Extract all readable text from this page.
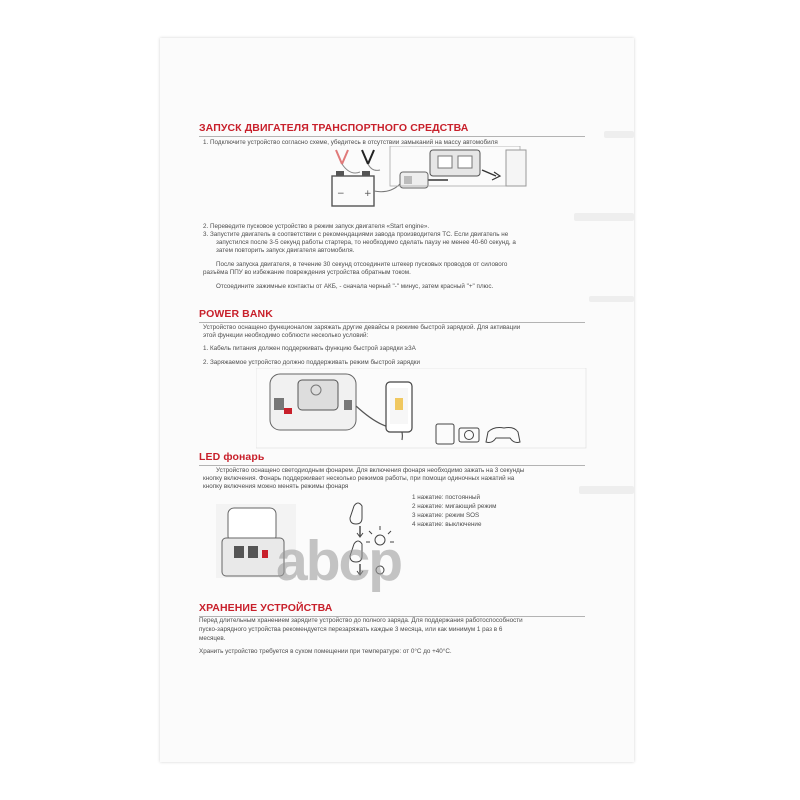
ЗАПУСК ДВИГАТЕЛЯ ТРАНСПОРТНОГО СРЕДСТВА
1. Подключите устройство согласно схеме, убедитесь в отсутствии замыканий на массу автомобиля
− +
2. Переведите пусковое устройство в режим запуск двигателя «Start engine».
3. Запустите двигатель в соответствии с рекомендациями завода производителя ТС. Если двигатель не
запустился после 3-5 секунд работы стартера, то необходимо сделать паузу не менее 40-60 секунд, а
затем повторить запуск двигателя автомобиля.
После запуска двигателя, в течение 30 секунд отсоедините штекер пусковых проводов от силового
разъёма ППУ во избежание повреждения устройства обратным током.
Отсоедините зажимные контакты от АКБ, - сначала черный "-" минус, затем красный "+" плюс.
POWER BANK
Устройство оснащено функционалом заряжать другие девайсы в режиме быстрой зарядкой. Для активации
этой функции необходимо соблюсти несколько условий:
1. Кабель питания должен поддерживать функцию быстрой зарядки ≥3А
2. Заряжаемое устройство должно поддерживать режим быстрой зарядки
LED фонарь
Устройство оснащено светодиодным фонарем. Для включения фонаря необходимо зажать на 3 секунды
кнопку включения. Фонарь поддерживает несколько режимов работы, при помощи одиночных нажатий на
кнопку включения можно менять режимы фонаря
1 нажатие: постоянный
2 нажатие: мигающий режим
3 нажатие: режим SOS
4 нажатие: выключение
abcp
ХРАНЕНИЕ УСТРОЙСТВА
Перед длительным хранением зарядите устройство до полного заряда. Для поддержания работоспособности
пуско-зарядного устройства рекомендуется перезаряжать каждые 3 месяца, или как минимум 1 раз в 6
месяцев.
Хранить устройство требуется в сухом помещении при температуре: от 0°С до +40°С.
